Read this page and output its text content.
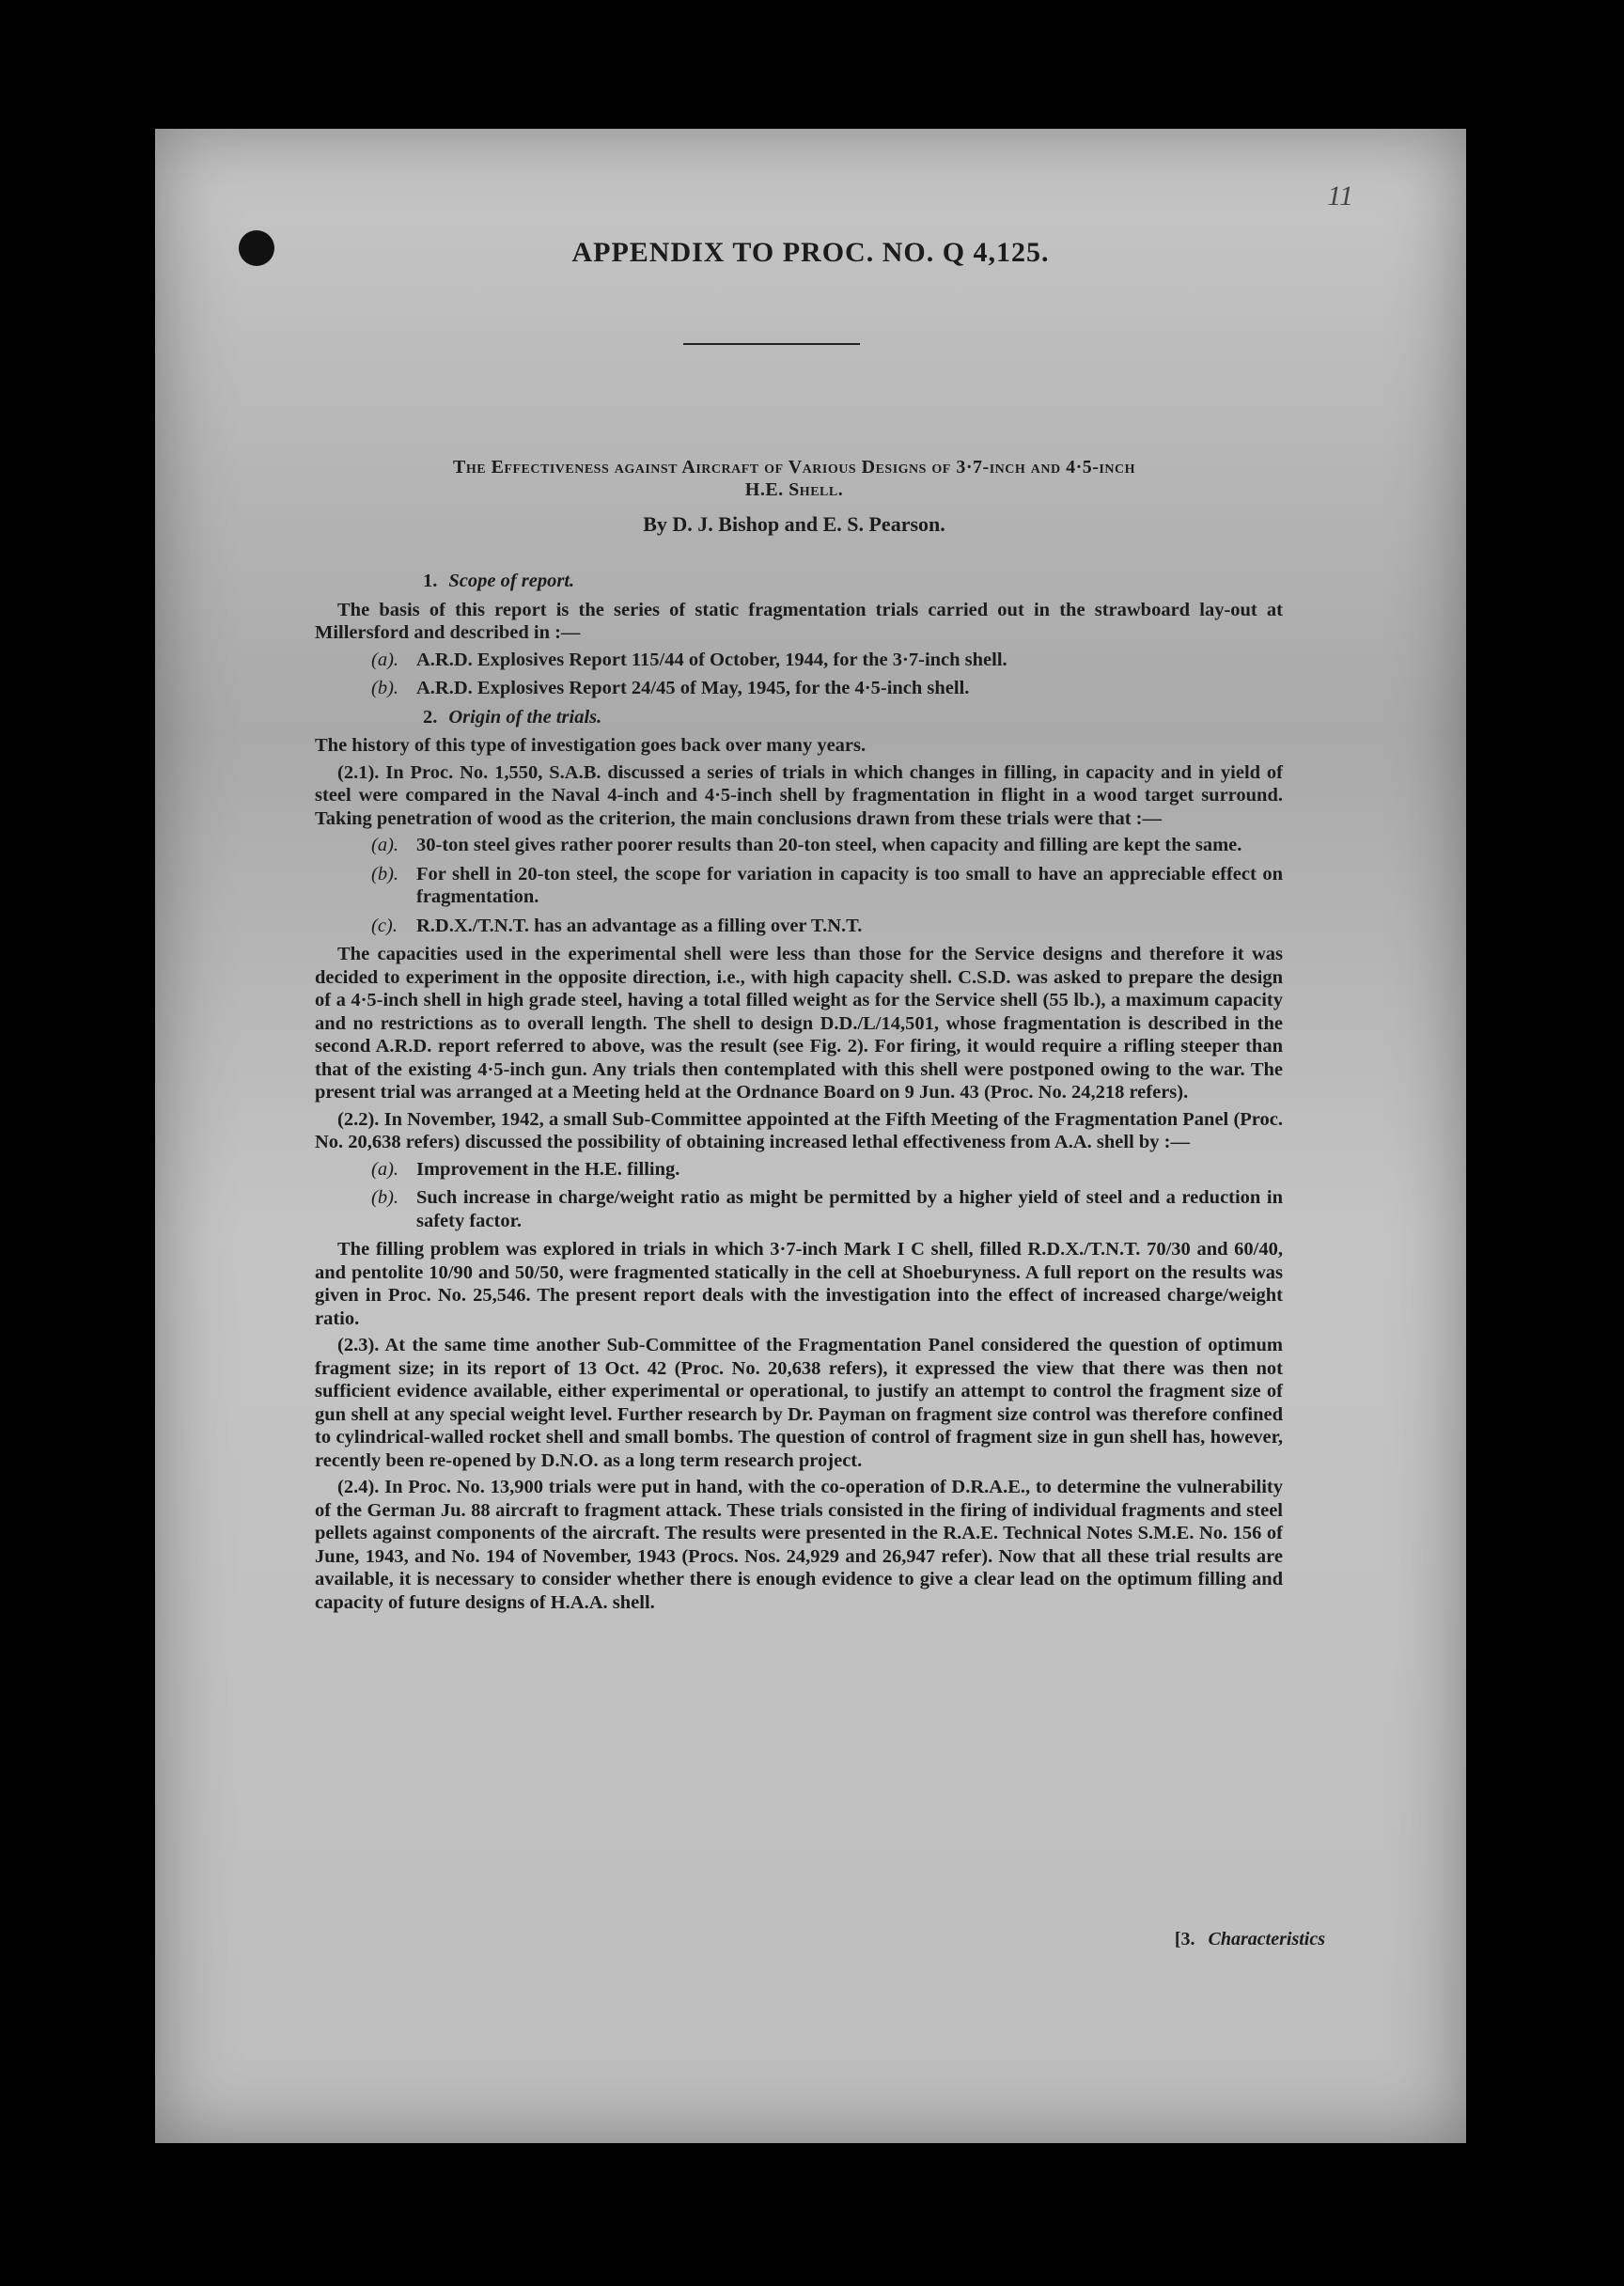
11
APPENDIX TO PROC. NO. Q 4,125.
The Effectiveness against Aircraft of Various Designs of 3·7-inch and 4·5-inch
H.E. Shell.
By D. J. Bishop and E. S. Pearson.

1. Scope of report.

The basis of this report is the series of static fragmentation trials carried out in the strawboard lay-out at Millersford and described in :—

(a). A.R.D. Explosives Report 115/44 of October, 1944, for the 3·7-inch shell.

(b). A.R.D. Explosives Report 24/45 of May, 1945, for the 4·5-inch shell.

2. Origin of the trials.

The history of this type of investigation goes back over many years.

(2.1). In Proc. No. 1,550, S.A.B. discussed a series of trials in which changes in filling, in capacity and in yield of steel were compared in the Naval 4-inch and 4·5-inch shell by fragmentation in flight in a wood target surround. Taking penetration of wood as the criterion, the main conclusions drawn from these trials were that :—

(a). 30-ton steel gives rather poorer results than 20-ton steel, when capacity and filling are kept the same.

(b). For shell in 20-ton steel, the scope for variation in capacity is too small to have an appreciable effect on fragmentation.

(c). R.D.X./T.N.T. has an advantage as a filling over T.N.T.

The capacities used in the experimental shell were less than those for the Service designs and therefore it was decided to experiment in the opposite direction, i.e., with high capacity shell. C.S.D. was asked to prepare the design of a 4·5-inch shell in high grade steel, having a total filled weight as for the Service shell (55 lb.), a maximum capacity and no restrictions as to overall length. The shell to design D.D./L/14,501, whose fragmentation is described in the second A.R.D. report referred to above, was the result (see Fig. 2). For firing, it would require a rifling steeper than that of the existing 4·5-inch gun. Any trials then contemplated with this shell were postponed owing to the war. The present trial was arranged at a Meeting held at the Ordnance Board on 9 Jun. 43 (Proc. No. 24,218 refers).

(2.2). In November, 1942, a small Sub-Committee appointed at the Fifth Meeting of the Fragmentation Panel (Proc. No. 20,638 refers) discussed the possibility of obtaining increased lethal effectiveness from A.A. shell by :—

(a). Improvement in the H.E. filling.

(b). Such increase in charge/weight ratio as might be permitted by a higher yield of steel and a reduction in safety factor.

The filling problem was explored in trials in which 3·7-inch Mark I C shell, filled R.D.X./T.N.T. 70/30 and 60/40, and pentolite 10/90 and 50/50, were fragmented statically in the cell at Shoeburyness. A full report on the results was given in Proc. No. 25,546. The present report deals with the investigation into the effect of increased charge/weight ratio.

(2.3). At the same time another Sub-Committee of the Fragmentation Panel considered the question of optimum fragment size; in its report of 13 Oct. 42 (Proc. No. 20,638 refers), it expressed the view that there was then not sufficient evidence available, either experimental or operational, to justify an attempt to control the fragment size of gun shell at any special weight level. Further research by Dr. Payman on fragment size control was therefore confined to cylindrical-walled rocket shell and small bombs. The question of control of fragment size in gun shell has, however, recently been re-opened by D.N.O. as a long term research project.

(2.4). In Proc. No. 13,900 trials were put in hand, with the co-operation of D.R.A.E., to determine the vulnerability of the German Ju. 88 aircraft to fragment attack. These trials consisted in the firing of individual fragments and steel pellets against components of the aircraft. The results were presented in the R.A.E. Technical Notes S.M.E. No. 156 of June, 1943, and No. 194 of November, 1943 (Procs. Nos. 24,929 and 26,947 refer). Now that all these trial results are available, it is necessary to consider whether there is enough evidence to give a clear lead on the optimum filling and capacity of future designs of H.A.A. shell.

[3. Characteristics
